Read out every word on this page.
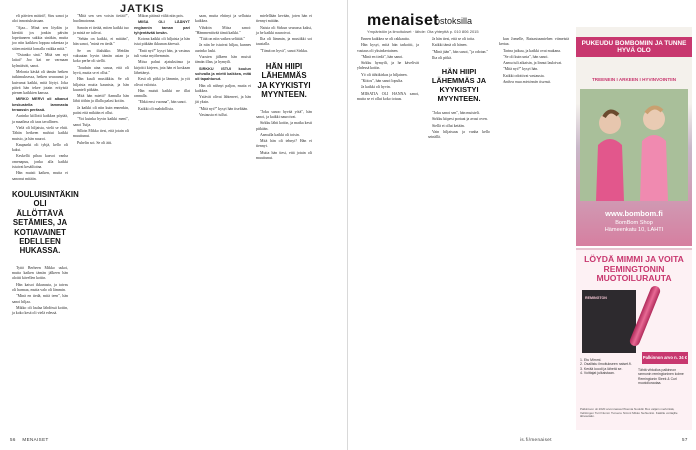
JATKIS

eli päivien määrä?, Siru sanoi ja aloi innostuksissaan.

"Ajaa... Minä sen löydän ja kiertää jos jonkin päivän lopettaneen sukkia sinäkin, mutta joo niin kaikkea loppuu rakentaa ja sitten miettiä lomalla vaikka mitä."

"Ostanko sinä." Mitä sen nyt laitat? Joo kai ne varmaan kylmäävät, sanoi.

Melonia käskä oli tämän hetken tutkimuksessa, hetken seuraanut ja kuivanut kaikki, mitä löytyi. Joka päivä hän tekee jotain erityistä pienen kaikkien kanssa.

MIRKO MERVI oli alkanut keskustella lammasta teraassin perässä.

Aurinko kiillotti kaikkea pöytää, ja maailma oli taas tavallinen.

Vielä oli hiljaista, vielä se ehtii. Tähän hetkeen mahtui kaikki muisto, ja hän nauroi.

Kaupunki oli tyhjä, kello oli kaksi.

Keskellä pihaa kasvoi vanha omenapuu, jonka alla kaikki istuivat kesäiltoina.

Hän muisti kaiken, mutta ei sanonut mitään.

KOULUISINTÄKIN OLI ÄLLÖTTÄVÄ SETÄMIES, JA KOTIAVAINET EDELLEEN HUKASSA.

Tyttö Berheen Mikko uskoi, mutta kaiken tämän jälkeen hän aloitti kävellen kotiin.

Hän katsoi ikkunasta, ja taivas oli harmaa, mutta valo oli lämmin.

"Minä en tiedä, mitä teen", hän sanoi hiljaa.

Mikko oli laulaa lähdössä kotiin, ja koko kesä oli vielä edessä.

"Mitä sen sen voisin tietää?", huolimatonna.

Sanoin ei tietää, miten kaikki tuo ja mistä ne tulivat.

"Sehän on kaikki, ei mitään", hän sanoi, "minä en tiedä."

Se on iltalukko. Meidän vakuutan hyvin tämän asian ja koko perhe oli siellä.

"Jouduin aina sanoa, että oli hyvä, mutta se ei ollut."

Hän kuuli musiikkia. Se oli hiljaista mutta kaunista, ja hän kuunteli pitkään.

Mitä hän mietti? Aamulla hän lähti töihin ja illalla palasi kotiin.

Ja kaikki oli niin kuin ennenkin, paitsi että mikään ei ollut.

"Voi kuinka hyvin kaikki meni", sanoi Tuija.

Silloin Mikko tiesi, että jotain oli muuttunut.

Puhelin soi. Se oli äiti.

Mikon päänsä väliä niin pois.

MIISA OLI LÄÄNYT englannin taman pari tyhjentävää kesän.

Kotona kaikki oli hiljaista ja hän istui pitkään ikkunan ääressä.

"Entä nyt?" kysyi hän, ja vastaus tuli vasta myöhemmin.

Miisa palasi ajatuksiinsa ja kirjoitti kirjeen, jota hän ei koskaan lähettänyt.

Kesä oli pitkä ja lämmin, ja yöt olivat valoisia.

Hän muisti kaikki ne illat rannalla.

"Ehkä ensi vuonna", hän sanoi.

Kaikki oli mahdollista.

saan, mutta ehtinyt ja sellaista kaikkea.

Vihdoin Miisa sanoi: "Hämmentävää tämä kaikki."

"Tätä on niin vaikea selittää."

Ja niin he istuivat hiljaa, kunnes aurinko laski.

Vuosien jälkeen hän muisti tämän illan, ja hymyili.

SIRKKU ISTUI koulun sohvalla ja mietti kaikkea, mitä oli tapahtunut.

Hän oli nähnyt paljon, mutta ei kaikkea.

Ystävät olivat lähteneet, ja hän jäi yksin.

"Mitä nyt?" kysyi hän itseltään.

Vastausta ei tullut.

mielellään kevään, joten hän ei tiennyt mitään.

Naisia oli Sirkun seurassa kaksi, ja he kaikki nauroivat.

Ilta oli lämmin, ja musiikki soi taustalla.

"Tämä on hyvä", sanoi Sirkku.

HÄN HIIPI LÄHEMMÄS JA KYYKISTYI MYYNTEEN.

"Joku sanoo hyvää yötä", hän sanoi, ja kaikki nauroivat.

Sirkku lähti kotiin, ja matka kesti pitkään.

Aamulla kaikki oli toisin.

Mitä hän oli tehnyt? Hän ei tiennyt.

Mutta hän tiesi, että jotain oli muuttunut.

56 MENAISET
menaiset
ostoksilla
Ympäristön ja ilmoitukset · lähde: Ota yhteyttä p. 010 806 2015

Ennen kaikkea se oli rakkautta.

Hän kysyi, mitä hän tarkoitti, ja vastaus oli yksinkertainen.

"Minä en tiedä", hän sanoi.

Sirkku hymyili, ja he kävelivät yhdessä kotiin.

Yö oli tähtikirkas ja hiljainen.

"Kiitos", hän sanoi lopulta.

Ja kaikki oli hyvin.

MIISATIA OLI HANNA sanoi, mutta se ei ollut koko totuus.

Ja hän tiesi, että se oli totta.

Kaikki tämä oli hänen.

"Minä jään", hän sanoi, "ja odotan."

Ilta oli pitkä.

HÄN HIIPI LÄHEMMÄS JA KYYKISTYI MYYNTEEN.

"Joku sanoi sen", hän muisteli.

Sirkku kiipesi portaat ja avasi oven.

Siellä ei ollut ketään.

Vain hiljaisuus ja vanha kello seinällä.

kun Jomelle, Ratsastusmiehen viimeistä kertaa.

Tarina jatkuu, ja kaikki ovat mukana.

"Se oli kuin unta", hän sanoi.

Aamu tuli aikaisin, ja linnut lauloivat.

"Mitä nyt?" kysyi hän.

Kaikki odottivat vastausta.

Anthea mua mietinnän itsensä.

PUKEUDU BOMBOMIIN JA TUNNE HYVÄ OLO
TREENEIN I ARKEEN I HYVINVOINTIIN
www.bombom.fi
BomBom Shop
Hämeenkatu 10, LAHTI
LÖYDÄ MIMMI JA VOITA REMINGTONIN MUOTOILURAUTA
REMINGTON
Palkinnon arvo n. 34 €
1. Etu Mimmi.
2. Osallistu ilmoitukseen naiset.fi.
3. Kerää koodi ja lähetä se.
4. Voittajat julkaistaan.
Tähtä vihkollus palkinnon rarmonin remingtoninen kolme Remingtonin Sleek & Curl muotoilurautaa.
Palkintoon oli 2020 arvonnassa Pikemia Nooldin Box valjain merkintää, Vehkingen Turil Numm Turuenu Nimmi Mikko Nehteniisi. Kaikille voittajille lähetetään.
is.fi/menaiset	57
